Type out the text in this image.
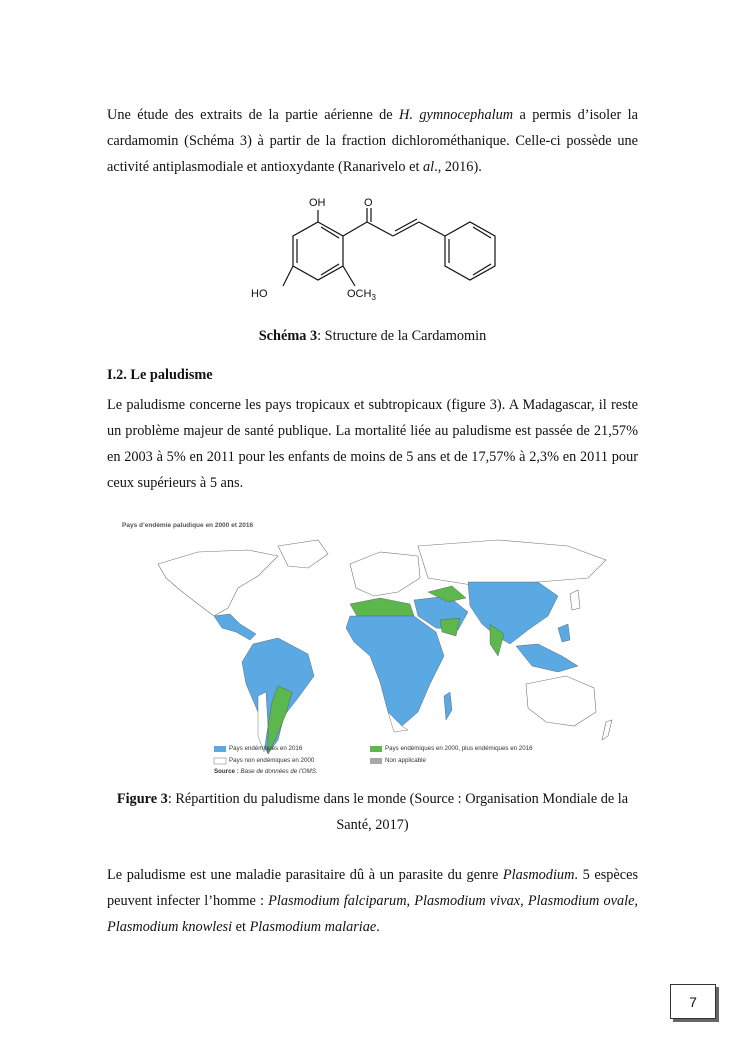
Une étude des extraits de la partie aérienne de H. gymnocephalum a permis d’isoler la cardamomin (Schéma 3) à partir de la fraction dichlorométhanique. Celle-ci possède une activité antiplasmodiale et antioxydante (Ranarivelo et al., 2016).

OH	O
HO	$OCH_3$

Schéma 3: Structure de la Cardamomin

I.2. Le paludisme

Le paludisme concerne les pays tropicaux et subtropicaux (figure 3). A Madagascar, il reste un problème majeur de santé publique. La mortalité liée au paludisme est passée de 21,57% en 2003 à 5% en 2011 pour les enfants de moins de 5 ans et de 17,57% à 2,3% en 2011 pour ceux supérieurs à 5 ans.

Pays d’endémie paludique en 2000 et 2016
Pays endémiques en 2016
Pays non endémiques en 2000
Pays endémiques en 2000, plus endémiques en 2016
Non applicable
Source : Base de données de l’OMS.

Figure 3: Répartition du paludisme dans le monde (Source : Organisation Mondiale de la Santé, 2017)

Le paludisme est une maladie parasitaire dû à un parasite du genre Plasmodium. 5 espèces peuvent infecter l’homme : Plasmodium falciparum, Plasmodium vivax, Plasmodium ovale, Plasmodium knowlesi et Plasmodium malariae.

7
